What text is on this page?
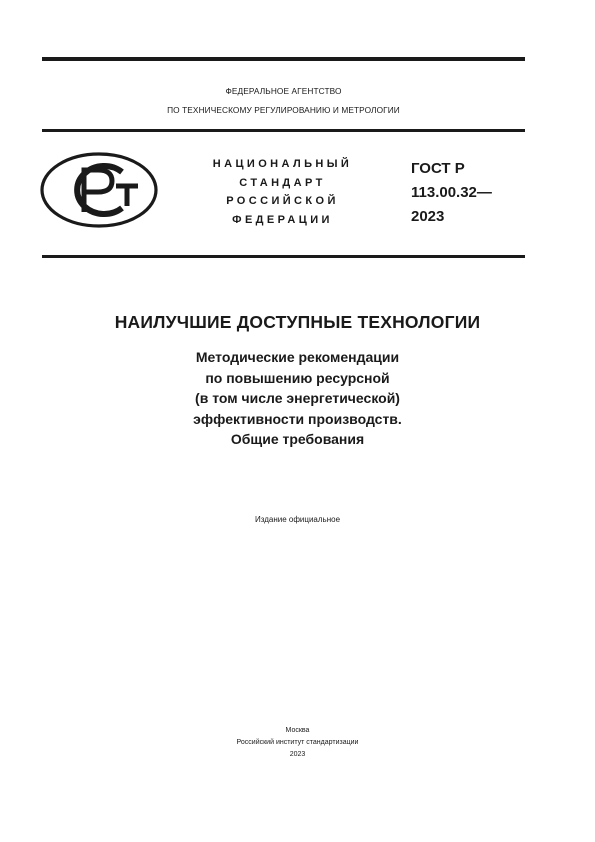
ФЕДЕРАЛЬНОЕ АГЕНТСТВО
ПО ТЕХНИЧЕСКОМУ РЕГУЛИРОВАНИЮ И МЕТРОЛОГИИ
НАЦИОНАЛЬНЫЙ
СТАНДАРТ
РОССИЙСКОЙ
ФЕДЕРАЦИИ
ГОСТ Р
113.00.32—
2023
НАИЛУЧШИЕ ДОСТУПНЫЕ ТЕХНОЛОГИИ
Методические рекомендации
по повышению ресурсной
(в том числе энергетической)
эффективности производств.
Общие требования
Издание официальное
Москва
Российский институт стандартизации
2023
